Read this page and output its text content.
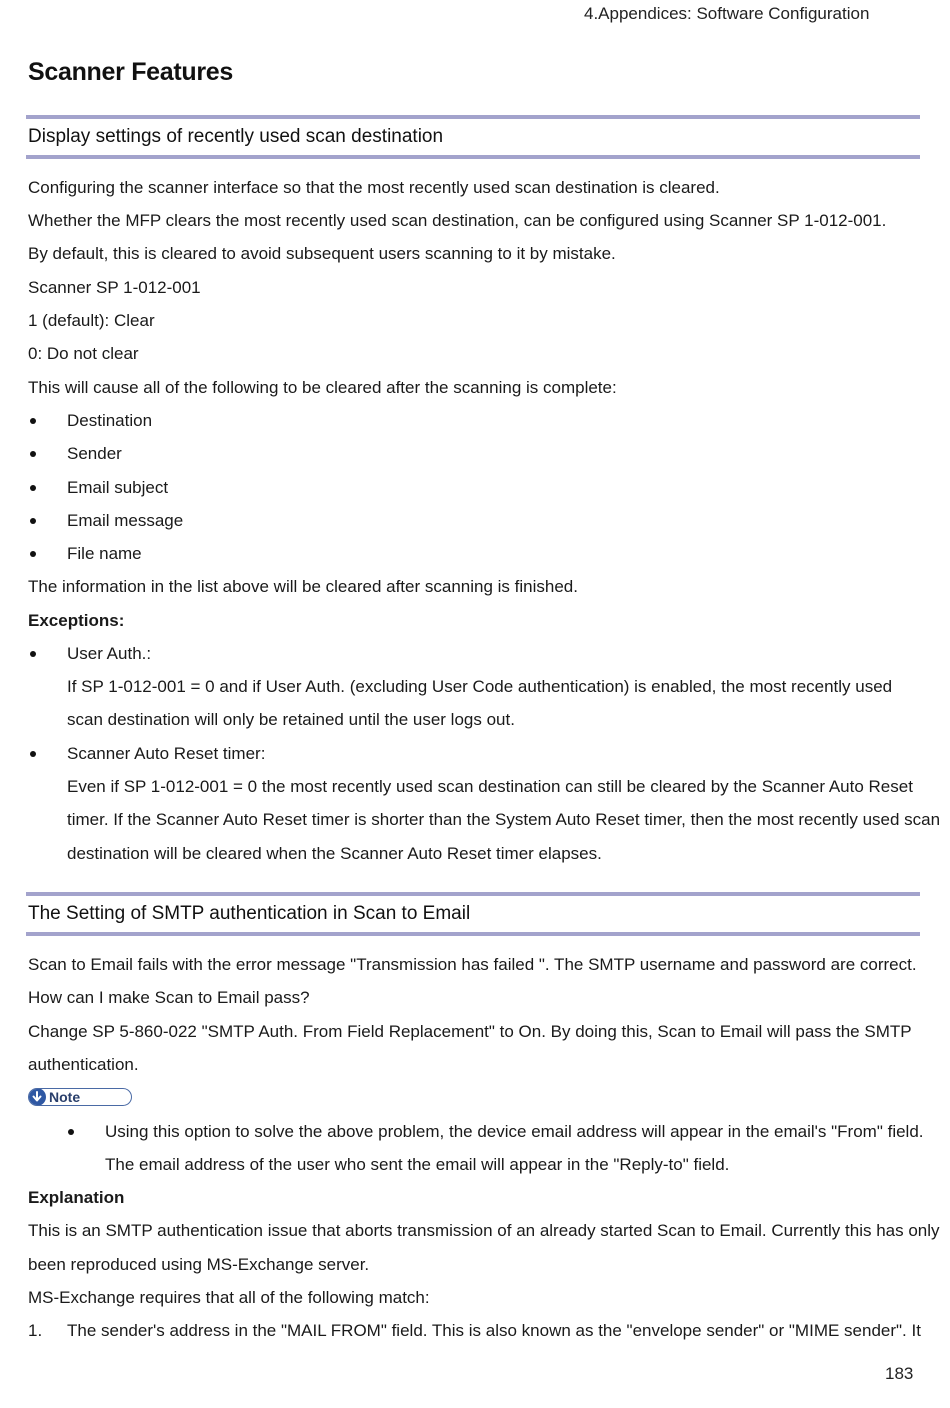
4.Appendices: Software Configuration
Scanner Features
Display settings of recently used scan destination
Configuring the scanner interface so that the most recently used scan destination is cleared.
Whether the MFP clears the most recently used scan destination, can be configured using Scanner SP 1-012-001.
By default, this is cleared to avoid subsequent users scanning to it by mistake.
Scanner SP 1-012-001
1 (default): Clear
0: Do not clear
This will cause all of the following to be cleared after the scanning is complete:
Destination
Sender
Email subject
Email message
File name
The information in the list above will be cleared after scanning is finished.
Exceptions:
User Auth.:
If SP 1-012-001 = 0 and if User Auth. (excluding User Code authentication) is enabled, the most recently used
scan destination will only be retained until the user logs out.
Scanner Auto Reset timer:
Even if SP 1-012-001 = 0 the most recently used scan destination can still be cleared by the Scanner Auto Reset
timer. If the Scanner Auto Reset timer is shorter than the System Auto Reset timer, then the most recently used scan
destination will be cleared when the Scanner Auto Reset timer elapses.
The Setting of SMTP authentication in Scan to Email
Scan to Email fails with the error message "Transmission has failed ". The SMTP username and password are correct.
How can I make Scan to Email pass?
Change SP 5-860-022 "SMTP Auth. From Field Replacement" to On. By doing this, Scan to Email will pass the SMTP
authentication.
Note
Using this option to solve the above problem, the device email address will appear in the email's "From" field.
The email address of the user who sent the email will appear in the "Reply-to" field.
Explanation
This is an SMTP authentication issue that aborts transmission of an already started Scan to Email. Currently this has only
been reproduced using MS-Exchange server.
MS-Exchange requires that all of the following match:
1. The sender's address in the "MAIL FROM" field. This is also known as the "envelope sender" or "MIME sender". It
183
